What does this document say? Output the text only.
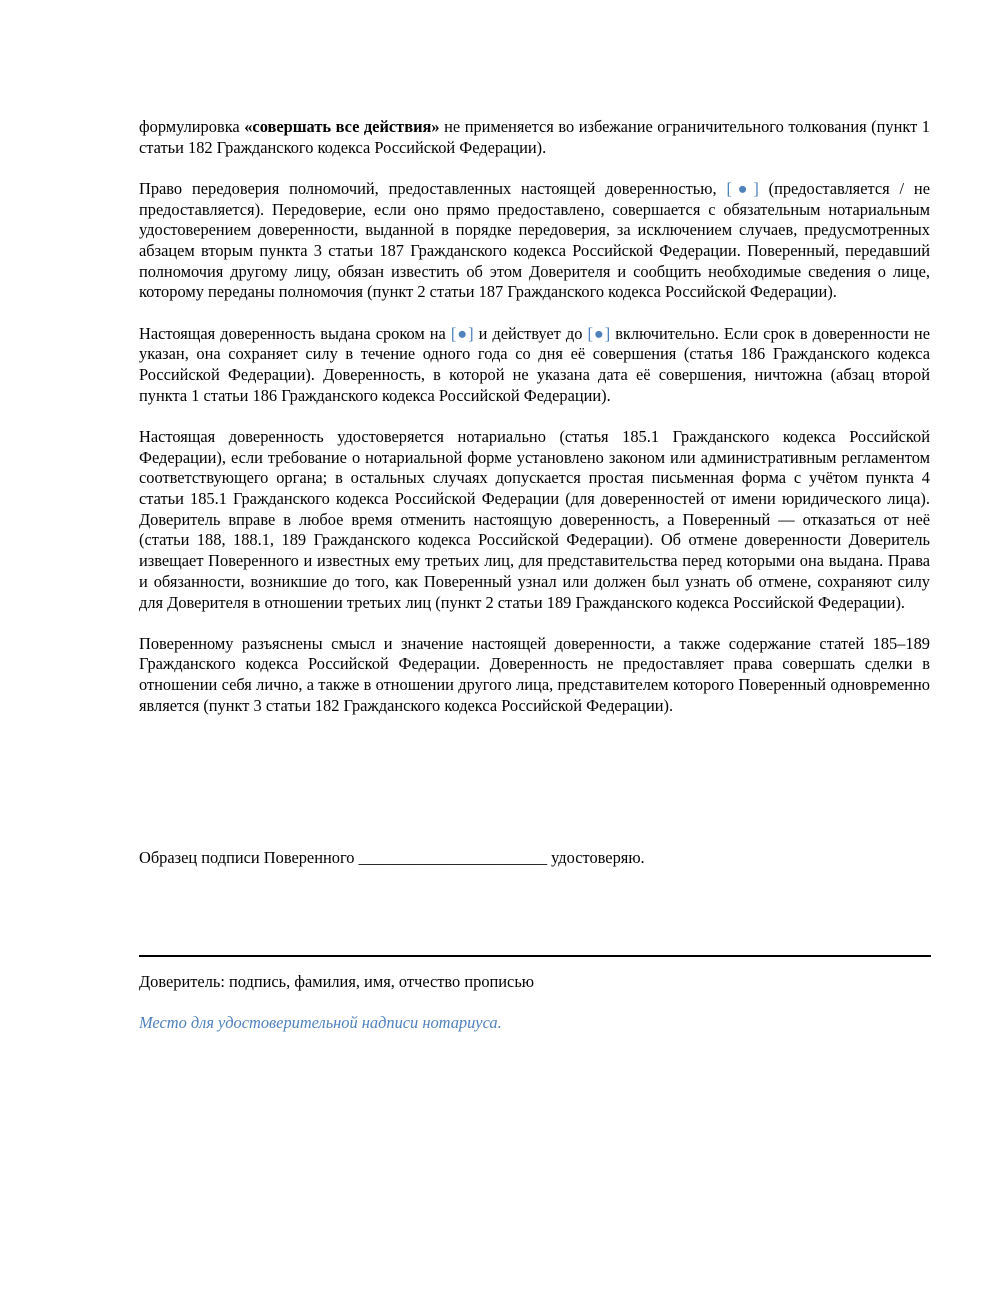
формулировка «совершать все действия» не применяется во избежание ограничительного толкования (пункт 1 статьи 182 Гражданского кодекса Российской Федерации).

Право передоверия полномочий, предоставленных настоящей доверенностью, [●] (предоставляется / не предоставляется). Передоверие, если оно прямо предоставлено, совершается с обязательным нотариальным удостоверением доверенности, выданной в порядке передоверия, за исключением случаев, предусмотренных абзацем вторым пункта 3 статьи 187 Гражданского кодекса Российской Федерации. Поверенный, передавший полномочия другому лицу, обязан известить об этом Доверителя и сообщить необходимые сведения о лице, которому переданы полномочия (пункт 2 статьи 187 Гражданского кодекса Российской Федерации).

Настоящая доверенность выдана сроком на [●] и действует до [●] включительно. Если срок в доверенности не указан, она сохраняет силу в течение одного года со дня её совершения (статья 186 Гражданского кодекса Российской Федерации). Доверенность, в которой не указана дата её совершения, ничтожна (абзац второй пункта 1 статьи 186 Гражданского кодекса Российской Федерации).

Настоящая доверенность удостоверяется нотариально (статья 185.1 Гражданского кодекса Российской Федерации), если требование о нотариальной форме установлено законом или административным регламентом соответствующего органа; в остальных случаях допускается простая письменная форма с учётом пункта 4 статьи 185.1 Гражданского кодекса Российской Федерации (для доверенностей от имени юридического лица). Доверитель вправе в любое время отменить настоящую доверенность, а Поверенный — отказаться от неё (статьи 188, 188.1, 189 Гражданского кодекса Российской Федерации). Об отмене доверенности Доверитель извещает Поверенного и известных ему третьих лиц, для представительства перед которыми она выдана. Права и обязанности, возникшие до того, как Поверенный узнал или должен был узнать об отмене, сохраняют силу для Доверителя в отношении третьих лиц (пункт 2 статьи 189 Гражданского кодекса Российской Федерации).

Поверенному разъяснены смысл и значение настоящей доверенности, а также содержание статей 185–189 Гражданского кодекса Российской Федерации. Доверенность не предоставляет права совершать сделки в отношении себя лично, а также в отношении другого лица, представителем которого Поверенный одновременно является (пункт 3 статьи 182 Гражданского кодекса Российской Федерации).

Образец подписи Поверенного _______________________ удостоверяю.
Доверитель: подпись, фамилия, имя, отчество прописью
Место для удостоверительной надписи нотариуса.
